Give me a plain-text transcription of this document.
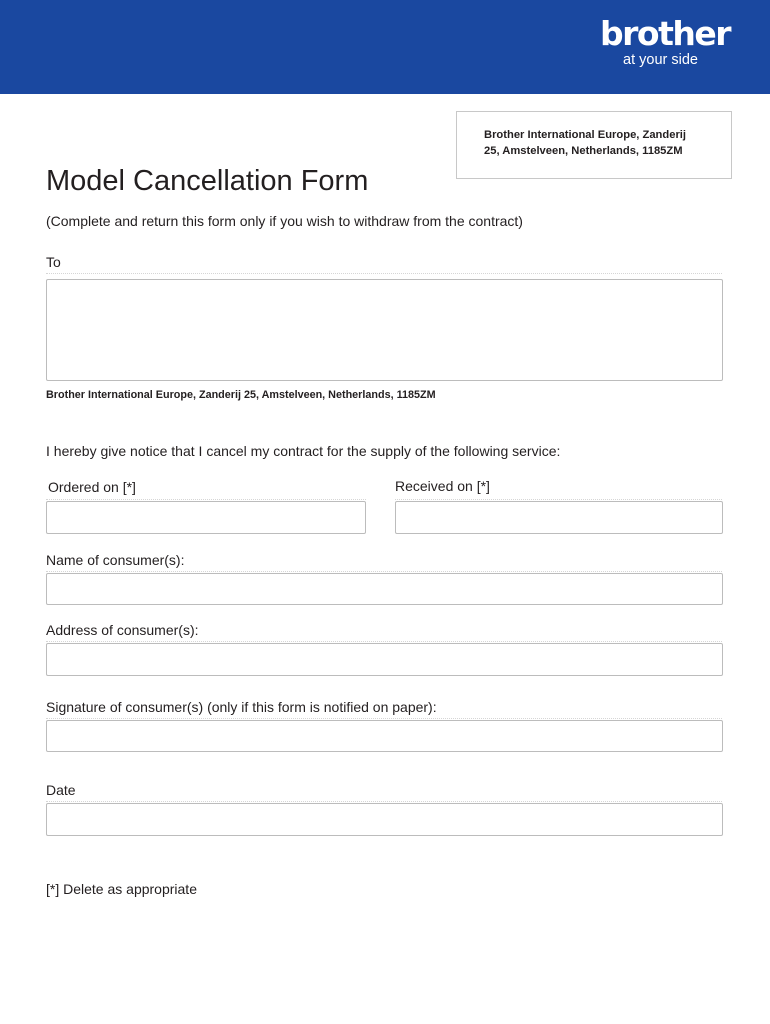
brother
at your side
Brother International Europe, Zanderij
25, Amstelveen, Netherlands, 1185ZM
Model Cancellation Form

(Complete and return this form only if you wish to withdraw from the contract)

To

Brother International Europe, Zanderij 25, Amstelveen, Netherlands, 1185ZM

I hereby give notice that I cancel my contract for the supply of the following service:

Ordered on [*]	Received on [*]

Name of consumer(s):

Address of consumer(s):

Signature of consumer(s) (only if this form is notified on paper):

Date

[*] Delete as appropriate
